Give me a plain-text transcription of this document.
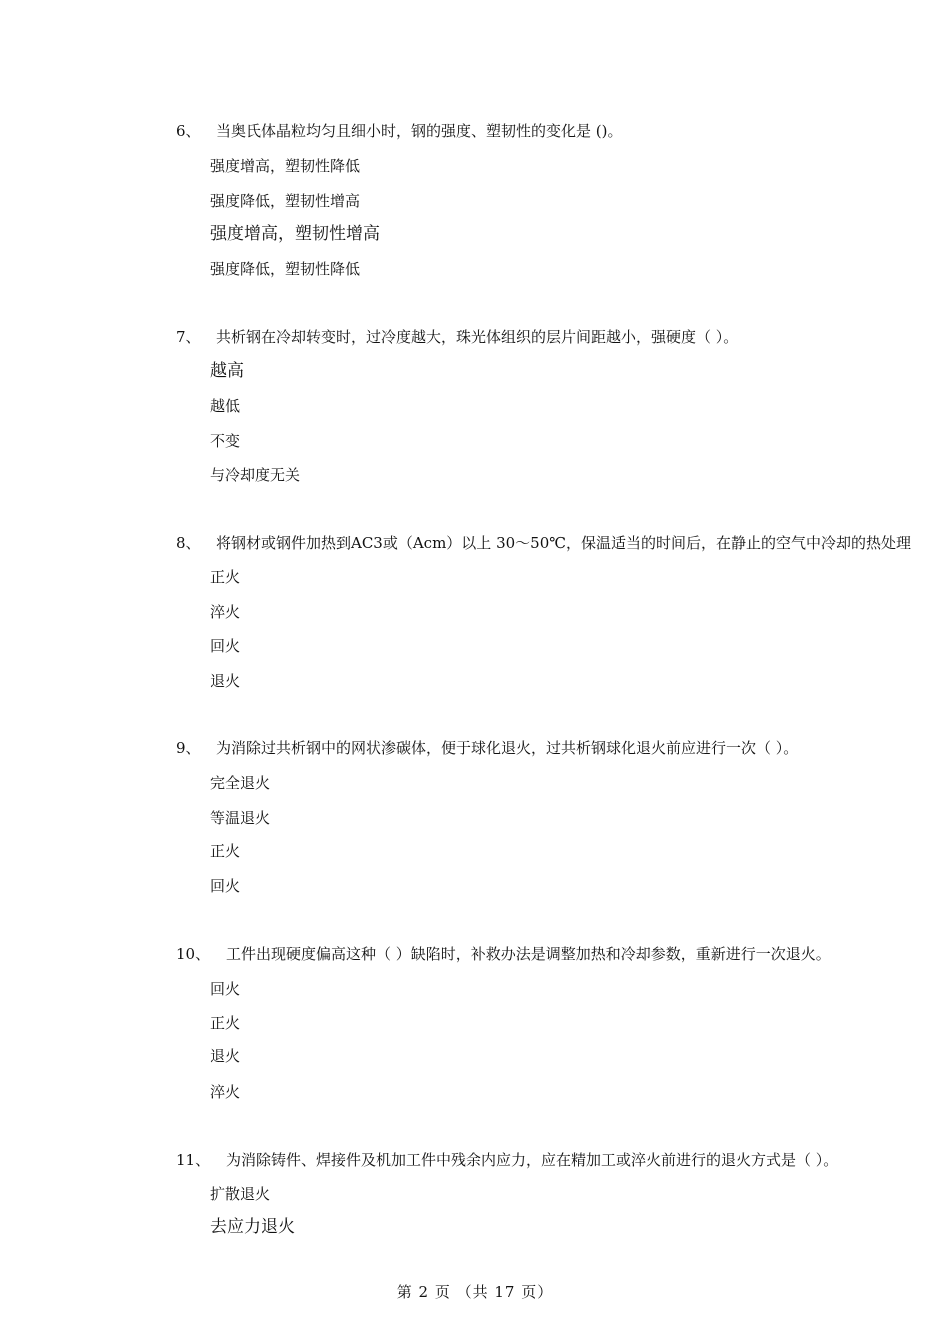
6、 当奥氏体晶粒均匀且细小时，钢的强度、塑韧性的变化是 ()。
强度增高，塑韧性降低
强度降低，塑韧性增高
强度增高，塑韧性增高
强度降低，塑韧性降低
7、 共析钢在冷却转变时，过冷度越大，珠光体组织的层片间距越小，强硬度（ ）。
越高
越低
不变
与冷却度无关
8、 将钢材或钢件加热到AC3或（Acm）以上 30～50℃，保温适当的时间后，在静止的空气中冷却的热处理
正火
淬火
回火
退火
9、 为消除过共析钢中的网状渗碳体，便于球化退火，过共析钢球化退火前应进行一次（ ）。
完全退火
等温退火
正火
回火
10、 工件出现硬度偏高这种（ ）缺陷时，补救办法是调整加热和冷却参数，重新进行一次退火。
回火
正火
退火
淬火
11、 为消除铸件、焊接件及机加工件中残余内应力，应在精加工或淬火前进行的退火方式是（ ）。
扩散退火
去应力退火
第 2 页 （共 17 页）
